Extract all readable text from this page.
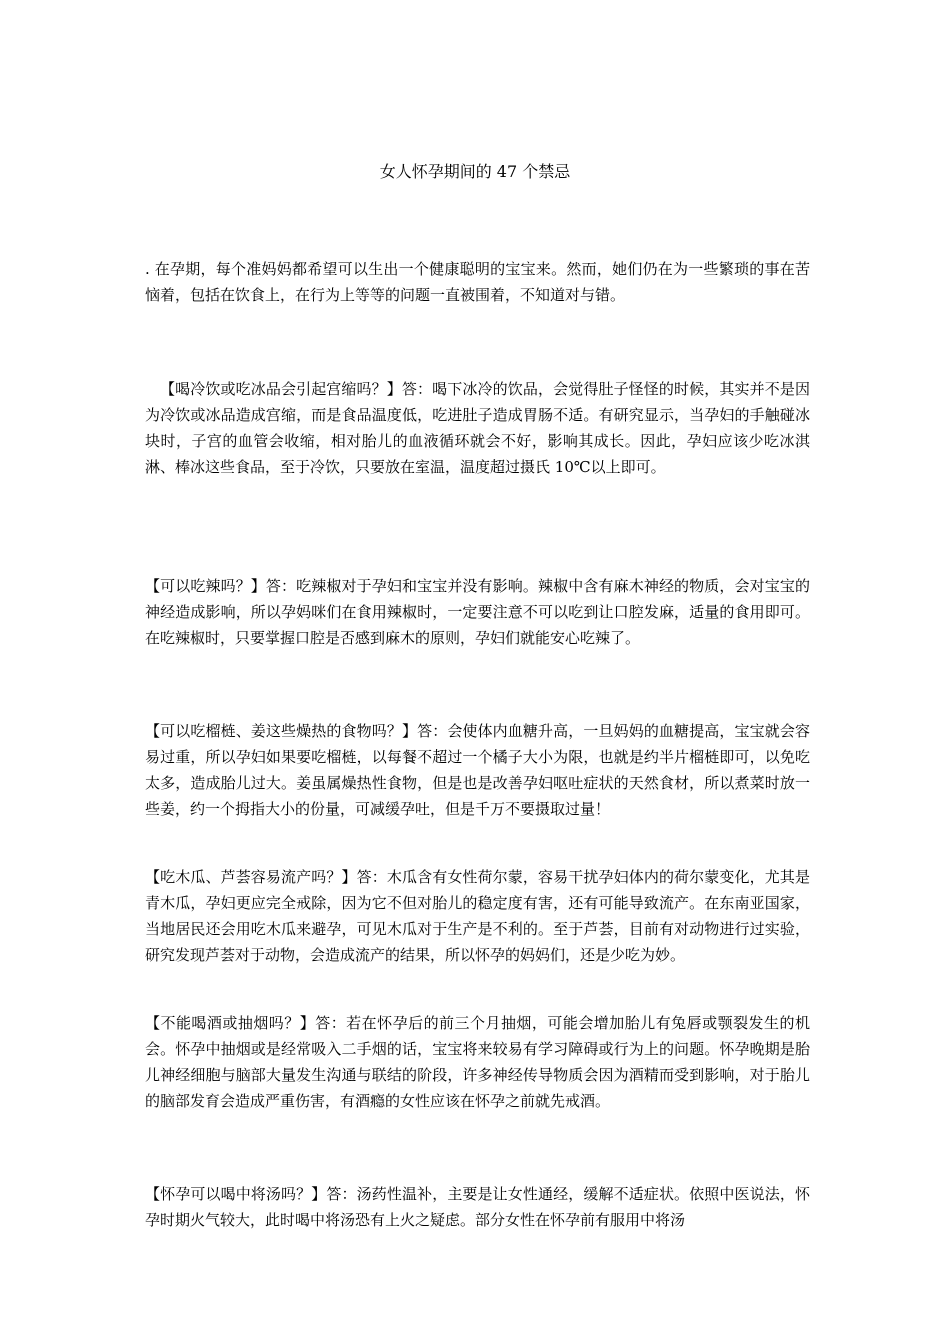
女人怀孕期间的 47 个禁忌

. 在孕期，每个准妈妈都希望可以生出一个健康聪明的宝宝来。然而，她们仍在为一些繁琐的事在苦恼着，包括在饮食上，在行为上等等的问题一直被围着，不知道对与错。

【喝冷饮或吃冰品会引起宫缩吗？】答：喝下冰冷的饮品，会觉得肚子怪怪的时候，其实并不是因为冷饮或冰品造成宫缩，而是食品温度低，吃进肚子造成胃肠不适。有研究显示，当孕妇的手触碰冰块时，子宫的血管会收缩，相对胎儿的血液循环就会不好，影响其成长。因此，孕妇应该少吃冰淇淋、棒冰这些食品，至于冷饮，只要放在室温，温度超过摄氏 10℃以上即可。

【可以吃辣吗？】答：吃辣椒对于孕妇和宝宝并没有影响。辣椒中含有麻木神经的物质，会对宝宝的神经造成影响，所以孕妈咪们在食用辣椒时，一定要注意不可以吃到让口腔发麻，适量的食用即可。在吃辣椒时，只要掌握口腔是否感到麻木的原则，孕妇们就能安心吃辣了。

【可以吃榴梿、姜这些燥热的食物吗？】答：会使体内血糖升高，一旦妈妈的血糖提高，宝宝就会容易过重，所以孕妇如果要吃榴梿，以每餐不超过一个橘子大小为限，也就是约半片榴梿即可，以免吃太多，造成胎儿过大。姜虽属燥热性食物，但是也是改善孕妇呕吐症状的天然食材，所以煮菜时放一些姜，约一个拇指大小的份量，可减缓孕吐，但是千万不要摄取过量！

【吃木瓜、芦荟容易流产吗？】答：木瓜含有女性荷尔蒙，容易干扰孕妇体内的荷尔蒙变化，尤其是青木瓜，孕妇更应完全戒除，因为它不但对胎儿的稳定度有害，还有可能导致流产。在东南亚国家，当地居民还会用吃木瓜来避孕，可见木瓜对于生产是不利的。至于芦荟，目前有对动物进行过实验，研究发现芦荟对于动物，会造成流产的结果，所以怀孕的妈妈们，还是少吃为妙。

【不能喝酒或抽烟吗？】答：若在怀孕后的前三个月抽烟，可能会增加胎儿有兔唇或颚裂发生的机会。怀孕中抽烟或是经常吸入二手烟的话，宝宝将来较易有学习障碍或行为上的问题。怀孕晚期是胎儿神经细胞与脑部大量发生沟通与联结的阶段，许多神经传导物质会因为酒精而受到影响，对于胎儿的脑部发育会造成严重伤害，有酒瘾的女性应该在怀孕之前就先戒酒。

【怀孕可以喝中将汤吗？】答：汤药性温补，主要是让女性通经，缓解不适症状。依照中医说法，怀孕时期火气较大，此时喝中将汤恐有上火之疑虑。部分女性在怀孕前有服用中将汤
